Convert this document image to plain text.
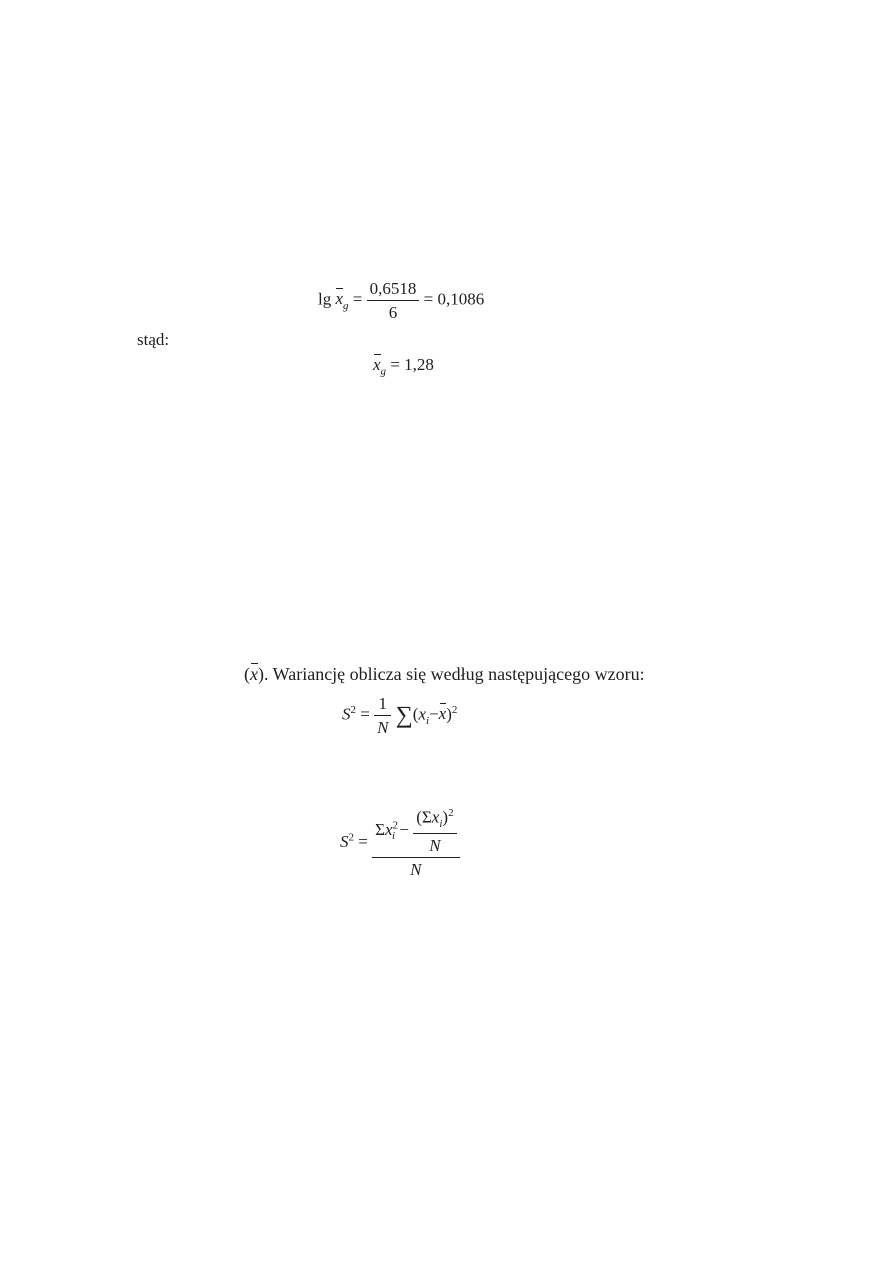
$\lg x_g = \frac{0,6518}{6} = 0,1086$
stąd:
$x_g = 1,28$
(x). Wariancję oblicza się według następującego wzoru:
$S^2 = \frac{1}{N} \sum(x_i-x)^2$
$S^2 = \frac{\Sigma x^2_i - \frac{(\Sigma x_i)^2}{N}}{N}$
